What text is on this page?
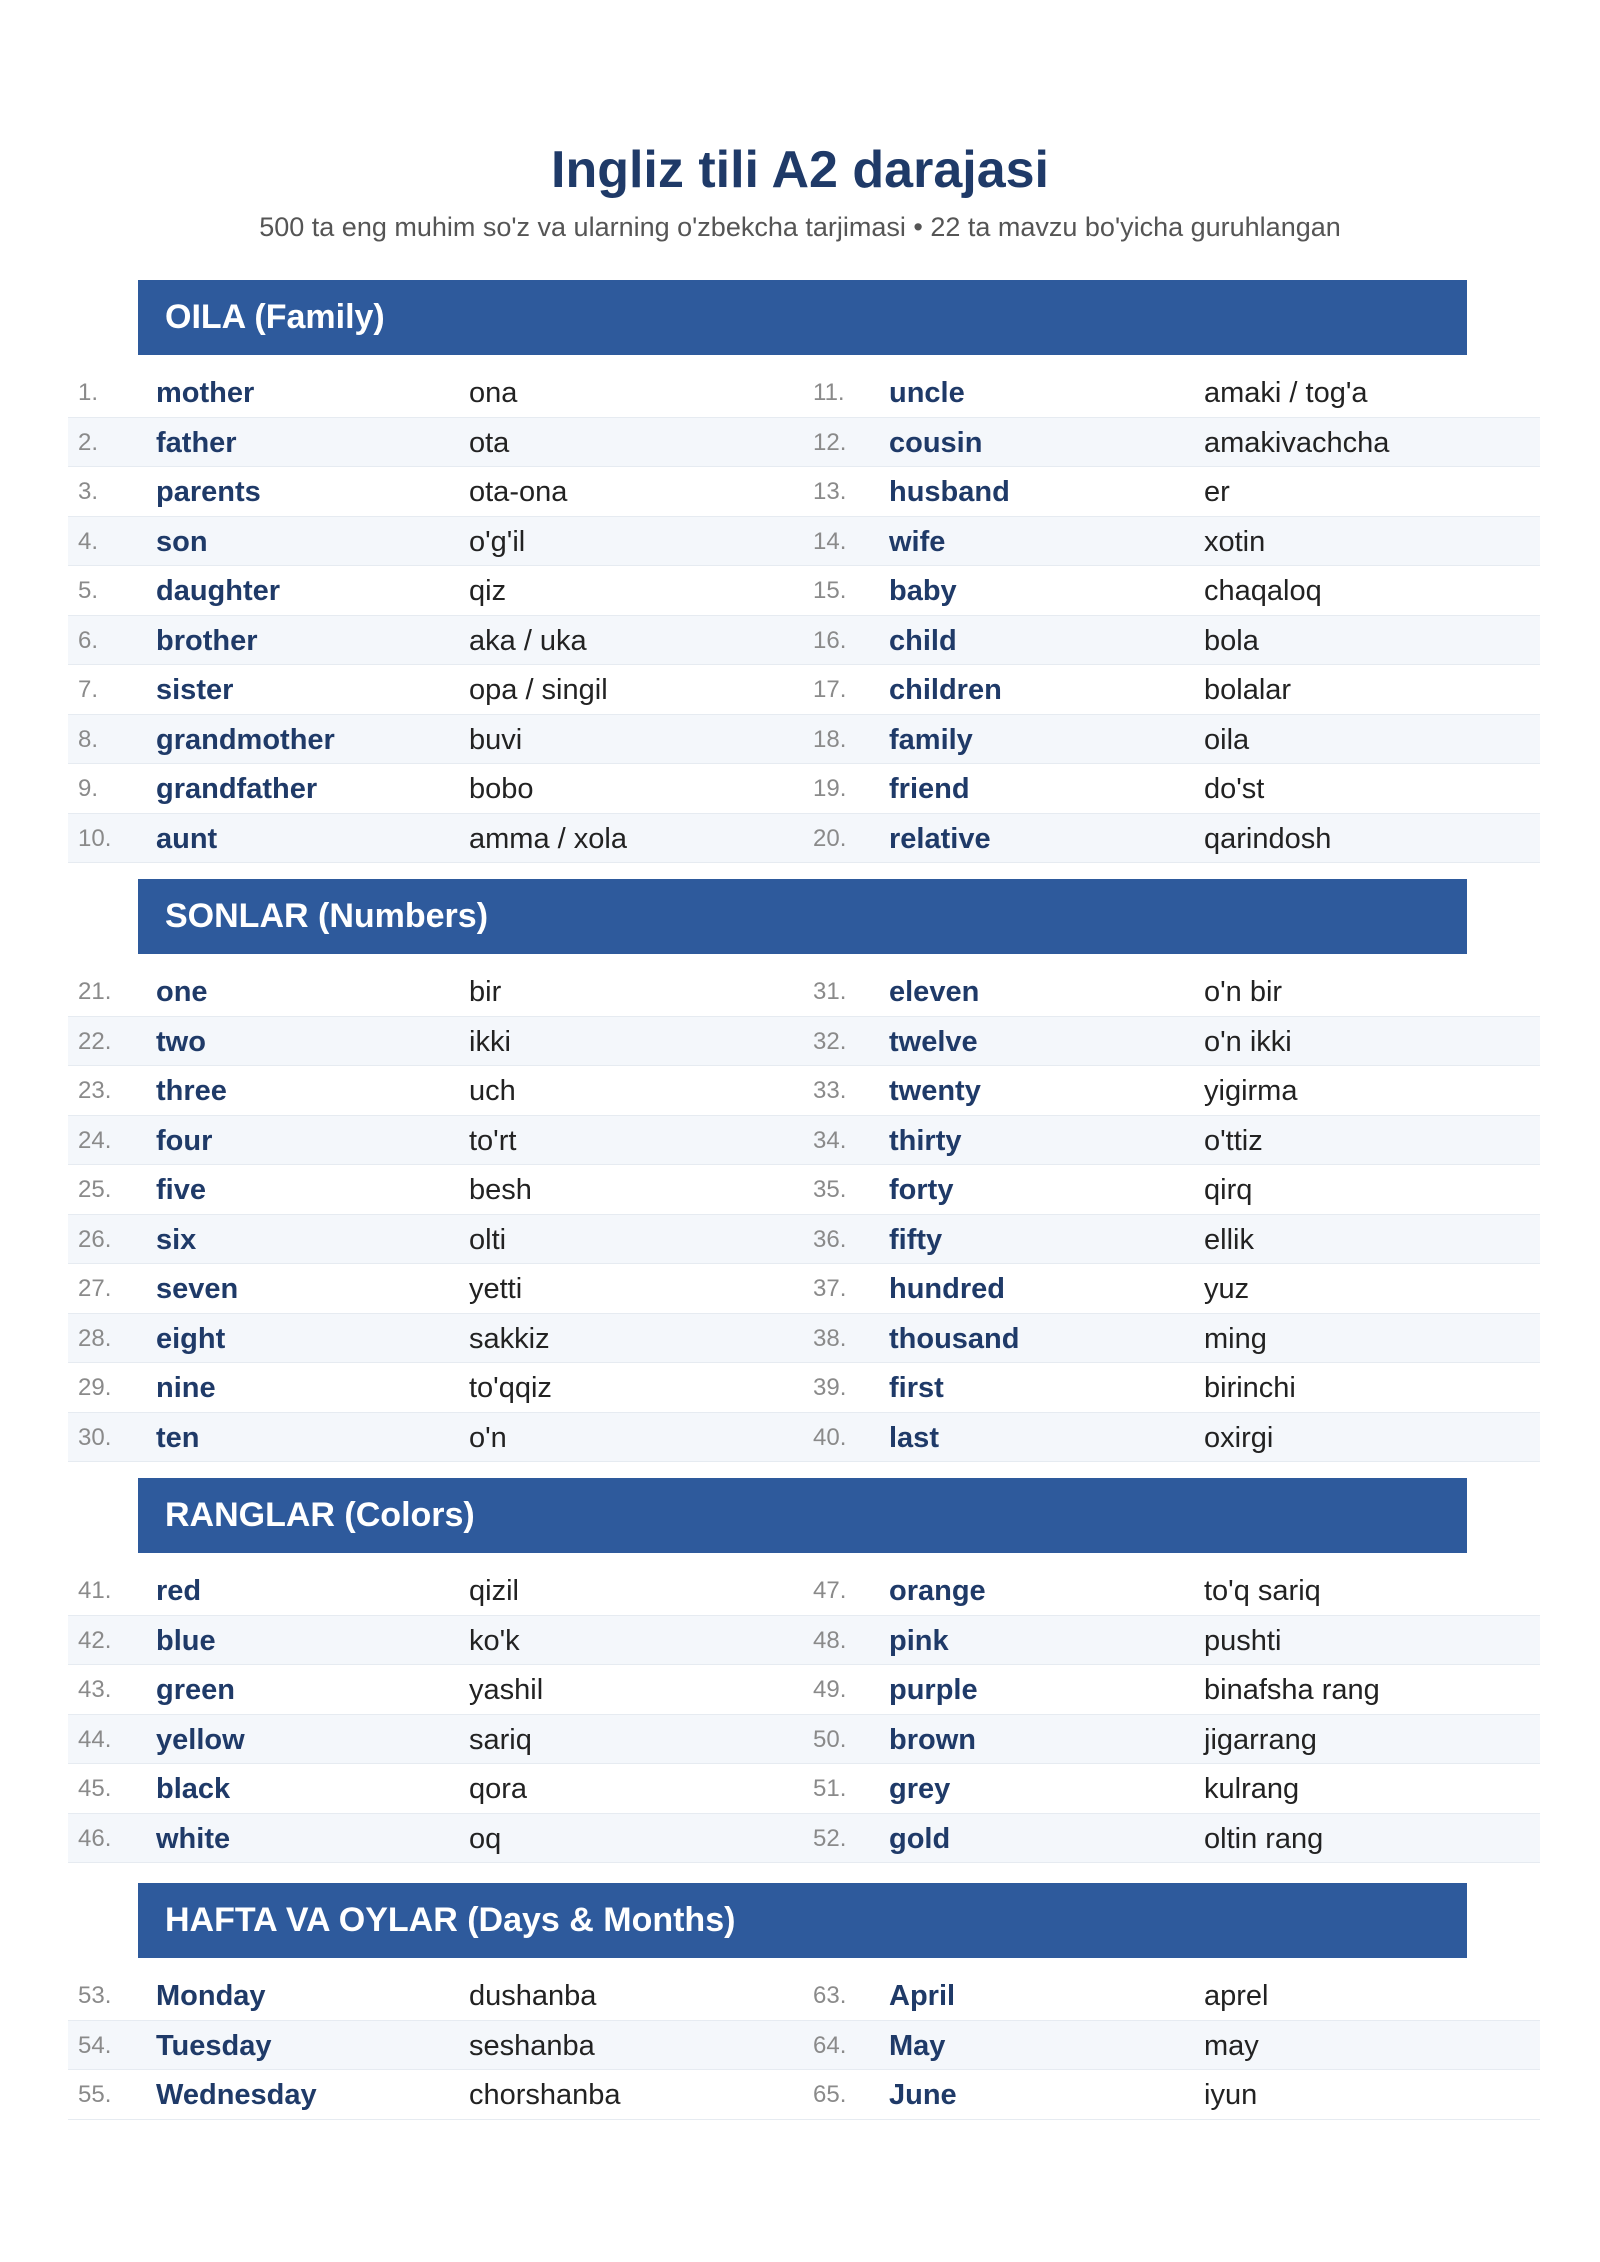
Ingliz tili A2 darajasi
500 ta eng muhim so'z va ularning o'zbekcha tarjimasi • 22 ta mavzu bo'yicha guruhlangan
OILA (Family)
1. mother	ona	11. uncle	amaki / tog'a
2. father	ota	12. cousin	amakivachcha
3. parents	ota-ona	13. husband	er
4. son	o'g'il	14. wife	xotin
5. daughter	qiz	15. baby	chaqaloq
6. brother	aka / uka	16. child	bola
7. sister	opa / singil	17. children	bolalar
8. grandmother	buvi	18. family	oila
9. grandfather	bobo	19. friend	do'st
10. aunt	amma / xola	20. relative	qarindosh
SONLAR (Numbers)
21. one	bir	31. eleven	o'n bir
22. two	ikki	32. twelve	o'n ikki
23. three	uch	33. twenty	yigirma
24. four	to'rt	34. thirty	o'ttiz
25. five	besh	35. forty	qirq
26. six	olti	36. fifty	ellik
27. seven	yetti	37. hundred	yuz
28. eight	sakkiz	38. thousand	ming
29. nine	to'qqiz	39. first	birinchi
30. ten	o'n	40. last	oxirgi
RANGLAR (Colors)
41. red	qizil	47. orange	to'q sariq
42. blue	ko'k	48. pink	pushti
43. green	yashil	49. purple	binafsha rang
44. yellow	sariq	50. brown	jigarrang
45. black	qora	51. grey	kulrang
46. white	oq	52. gold	oltin rang
HAFTA VA OYLAR (Days & Months)
53. Monday	dushanba	63. April	aprel
54. Tuesday	seshanba	64. May	may
55. Wednesday	chorshanba	65. June	iyun
